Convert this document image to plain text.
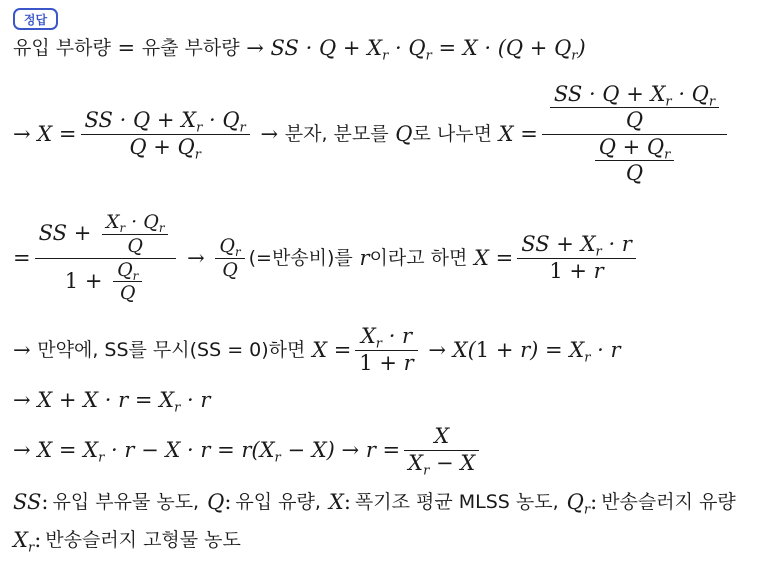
정답
유입 부하량 = 유출 부하량 → SS · $Q + X_r \cdot Q_r = X \cdot (Q + Q_r)$
→ $X = \frac{SS \cdot Q + X_r \cdot Q_r}{Q + Q_r}$ → 분자, 분모를 Q 로 나누면 $X = \frac{\frac{SS \cdot Q + X_r \cdot Q_r}{Q}}{\frac{Q + Q_r}{Q}}$
= $\frac{SS + \frac{X_r \cdot Q_r}{Q}}{1 + \frac{Q_r}{Q}} \to \frac{Q_r}{Q}$ (=반송비)를 r 이라고 하면 $X = \frac{SS + X_r \cdot r}{1 + r}$
→ 만약에, SS를 무시(SS = 0)하면 $X = \frac{X_r \cdot r}{1 + r} \to X(1 + r) = X_r \cdot r$
→ $X + X \cdot r = X_r \cdot r$
→ $X = X_r \cdot r - X \cdot r = r(X_r - X) \to r = \frac{X}{X_r - X}$
SS : 유입 부유물 농도, Q : 유입 유량, X : 폭기조 평균 MLSS 농도, $Q_r$ : 반송슬러지 유량
$X_r$ : 반송슬러지 고형물 농도
